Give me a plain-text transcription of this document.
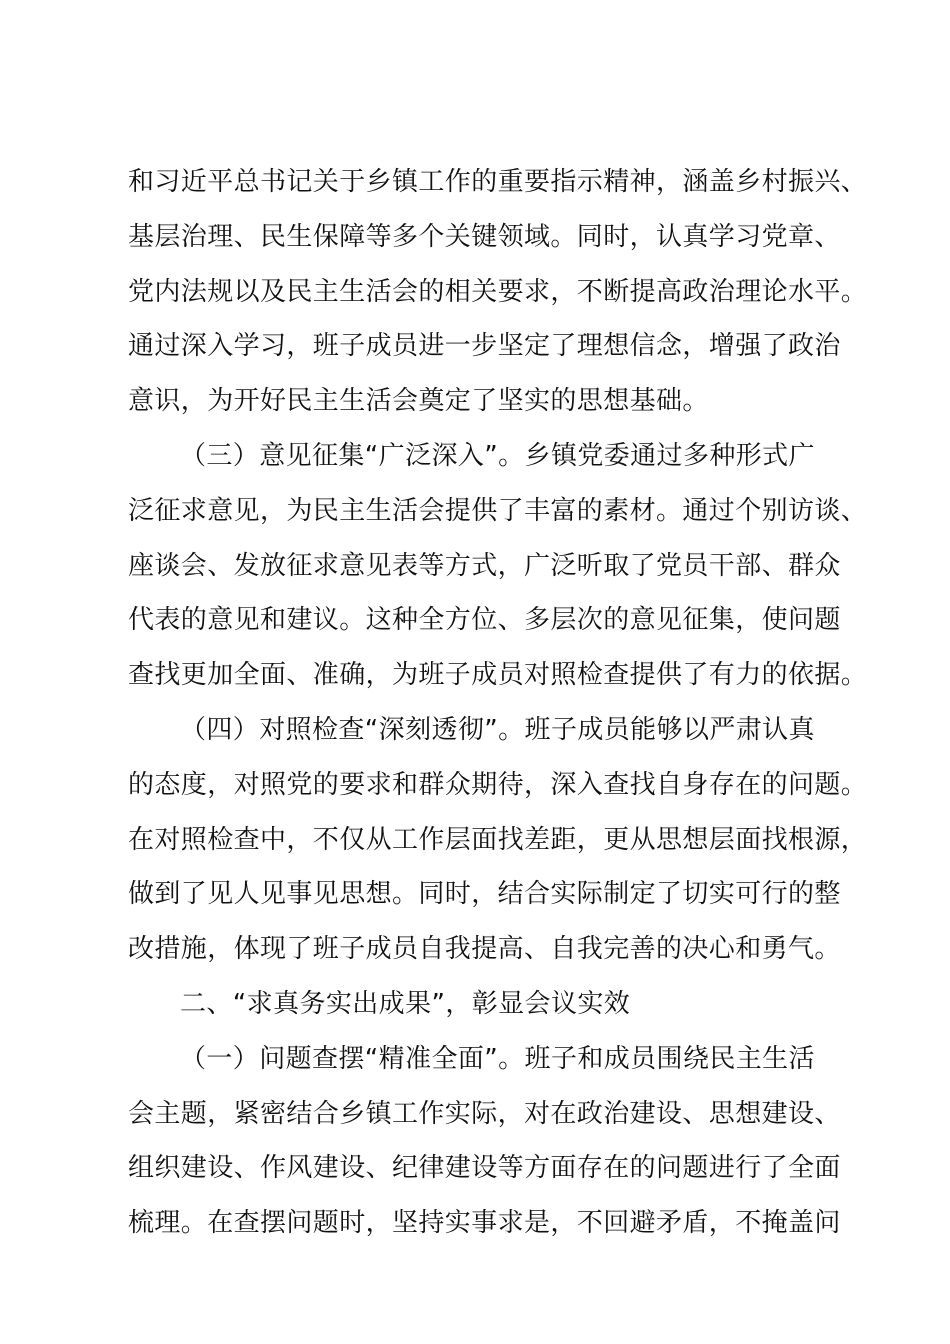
和习近平总书记关于乡镇工作的重要指示精神，涵盖乡村振兴、
基层治理、民生保障等多个关键领域。同时，认真学习党章、
党内法规以及民主生活会的相关要求，不断提高政治理论水平。
通过深入学习，班子成员进一步坚定了理想信念，增强了政治
意识，为开好民主生活会奠定了坚实的思想基础。
（三）意见征集“广泛深入”。乡镇党委通过多种形式广
泛征求意见，为民主生活会提供了丰富的素材。通过个别访谈、
座谈会、发放征求意见表等方式，广泛听取了党员干部、群众
代表的意见和建议。这种全方位、多层次的意见征集，使问题
查找更加全面、准确，为班子成员对照检查提供了有力的依据。
（四）对照检查“深刻透彻”。班子成员能够以严肃认真
的态度，对照党的要求和群众期待，深入查找自身存在的问题。
在对照检查中，不仅从工作层面找差距，更从思想层面找根源，
做到了见人见事见思想。同时，结合实际制定了切实可行的整
改措施，体现了班子成员自我提高、自我完善的决心和勇气。
二、“求真务实出成果”，彰显会议实效
（一）问题查摆“精准全面”。班子和成员围绕民主生活
会主题，紧密结合乡镇工作实际，对在政治建设、思想建设、
组织建设、作风建设、纪律建设等方面存在的问题进行了全面
梳理。在查摆问题时，坚持实事求是，不回避矛盾，不掩盖问
